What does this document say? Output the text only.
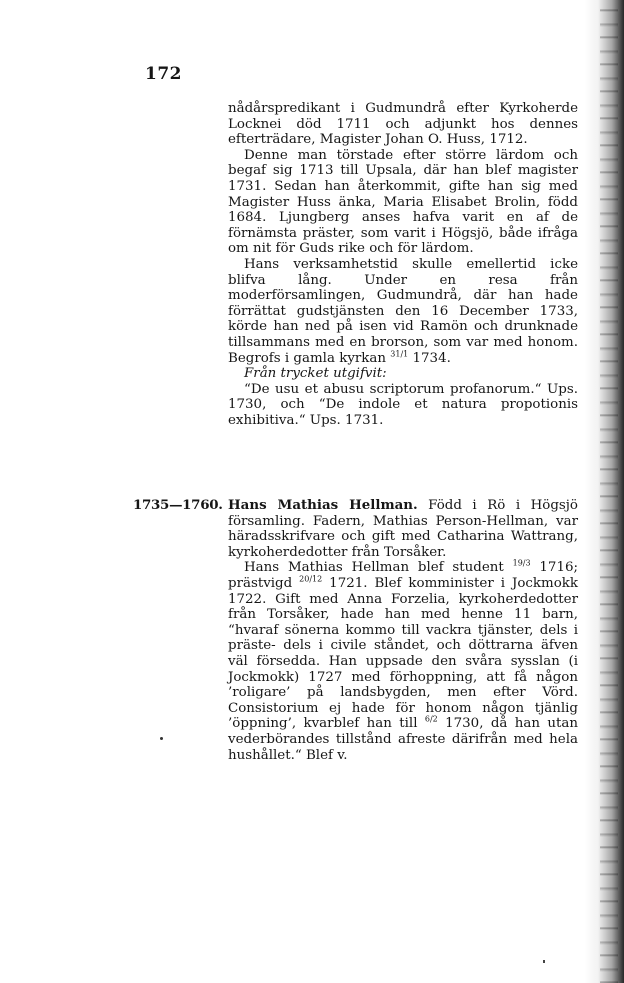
172

nådårspredikant i Gudmundrå efter Kyrkoherde Locknei död 1711 och adjunkt hos dennes efterträdare, Magister Johan O. Huss, 1712.

Denne man törstade efter större lärdom och begaf sig 1713 till Upsala, där han blef magister 1731. Sedan han återkommit, gifte han sig med Magister Huss änka, Maria Elisabet Brolin, född 1684. Ljungberg anses hafva varit en af de förnämsta präster, som varit i Högsjö, både ifråga om nit för Guds rike och för lärdom.

Hans verksamhetstid skulle emellertid icke blifva lång. Under en resa från moderförsamlingen, Gudmundrå, där han hade förrättat gudstjänsten den 16 December 1733, körde han ned på isen vid Ramön och drunknade tillsammans med en brorson, som var med honom. Begrofs i gamla kyrkan $^{31/1}$ 1734.

Från trycket utgifvit:

“De usu et abusu scriptorum profanorum.“ Ups. 1730, och “De indole et natura propotionis exhibitiva.“ Ups. 1731.

1735—1760. Hans Mathias Hellman. Född i Rö i Högsjö församling. Fadern, Mathias Person-Hellman, var häradsskrifvare och gift med Catharina Wattrang, kyrkoherdedotter från Torsåker.

Hans Mathias Hellman blef student $^{19/3}$ 1716; prästvigd $^{20/12}$ 1721. Blef komminister i Jockmokk 1722. Gift med Anna Forzelia, kyrkoherdedotter från Torsåker, hade han med henne 11 barn, “hvaraf sönerna kommo till vackra tjänster, dels i präste- dels i civile ståndet, och döttrarna äfven väl försedda. Han uppsade den svåra sysslan (i Jockmokk) 1727 med förhoppning, att få någon ’roligare’ på landsbygden, men efter Vörd. Consistorium ej hade för honom någon tjänlig ’öppning’, kvarblef han till $^{6/2}$ 1730, då han utan vederbörandes tillstånd afreste därifrån med hela hushållet.“ Blef v.
